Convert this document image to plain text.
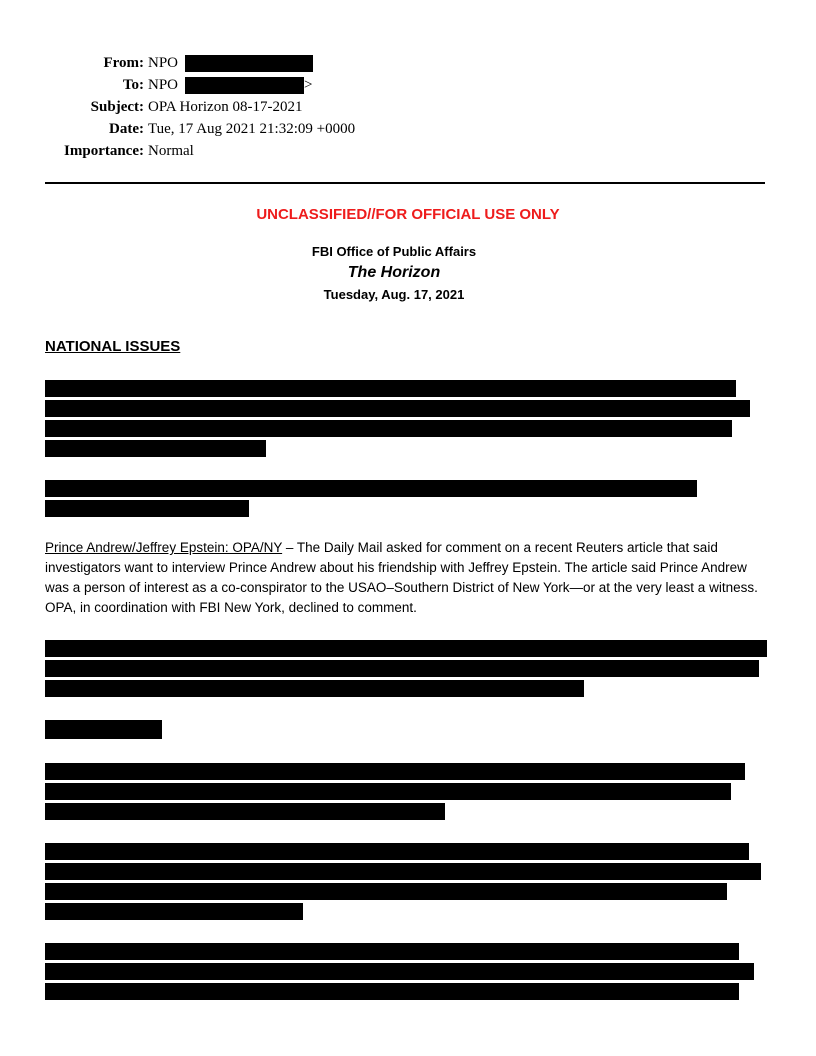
From: NPO
To: NPO	>
Subject: OPA Horizon 08-17-2021
Date: Tue, 17 Aug 2021 21:32:09 +0000
Importance: Normal
UNCLASSIFIED//FOR OFFICIAL USE ONLY
FBI Office of Public Affairs
The Horizon
Tuesday, Aug. 17, 2021
NATIONAL ISSUES
Prince Andrew/Jeffrey Epstein: OPA/NY – The Daily Mail asked for comment on a recent Reuters article that said investigators want to interview Prince Andrew about his friendship with Jeffrey Epstein. The article said Prince Andrew was a person of interest as a co-conspirator to the USAO–Southern District of New York—or at the very least a witness. OPA, in coordination with FBI New York, declined to comment.
